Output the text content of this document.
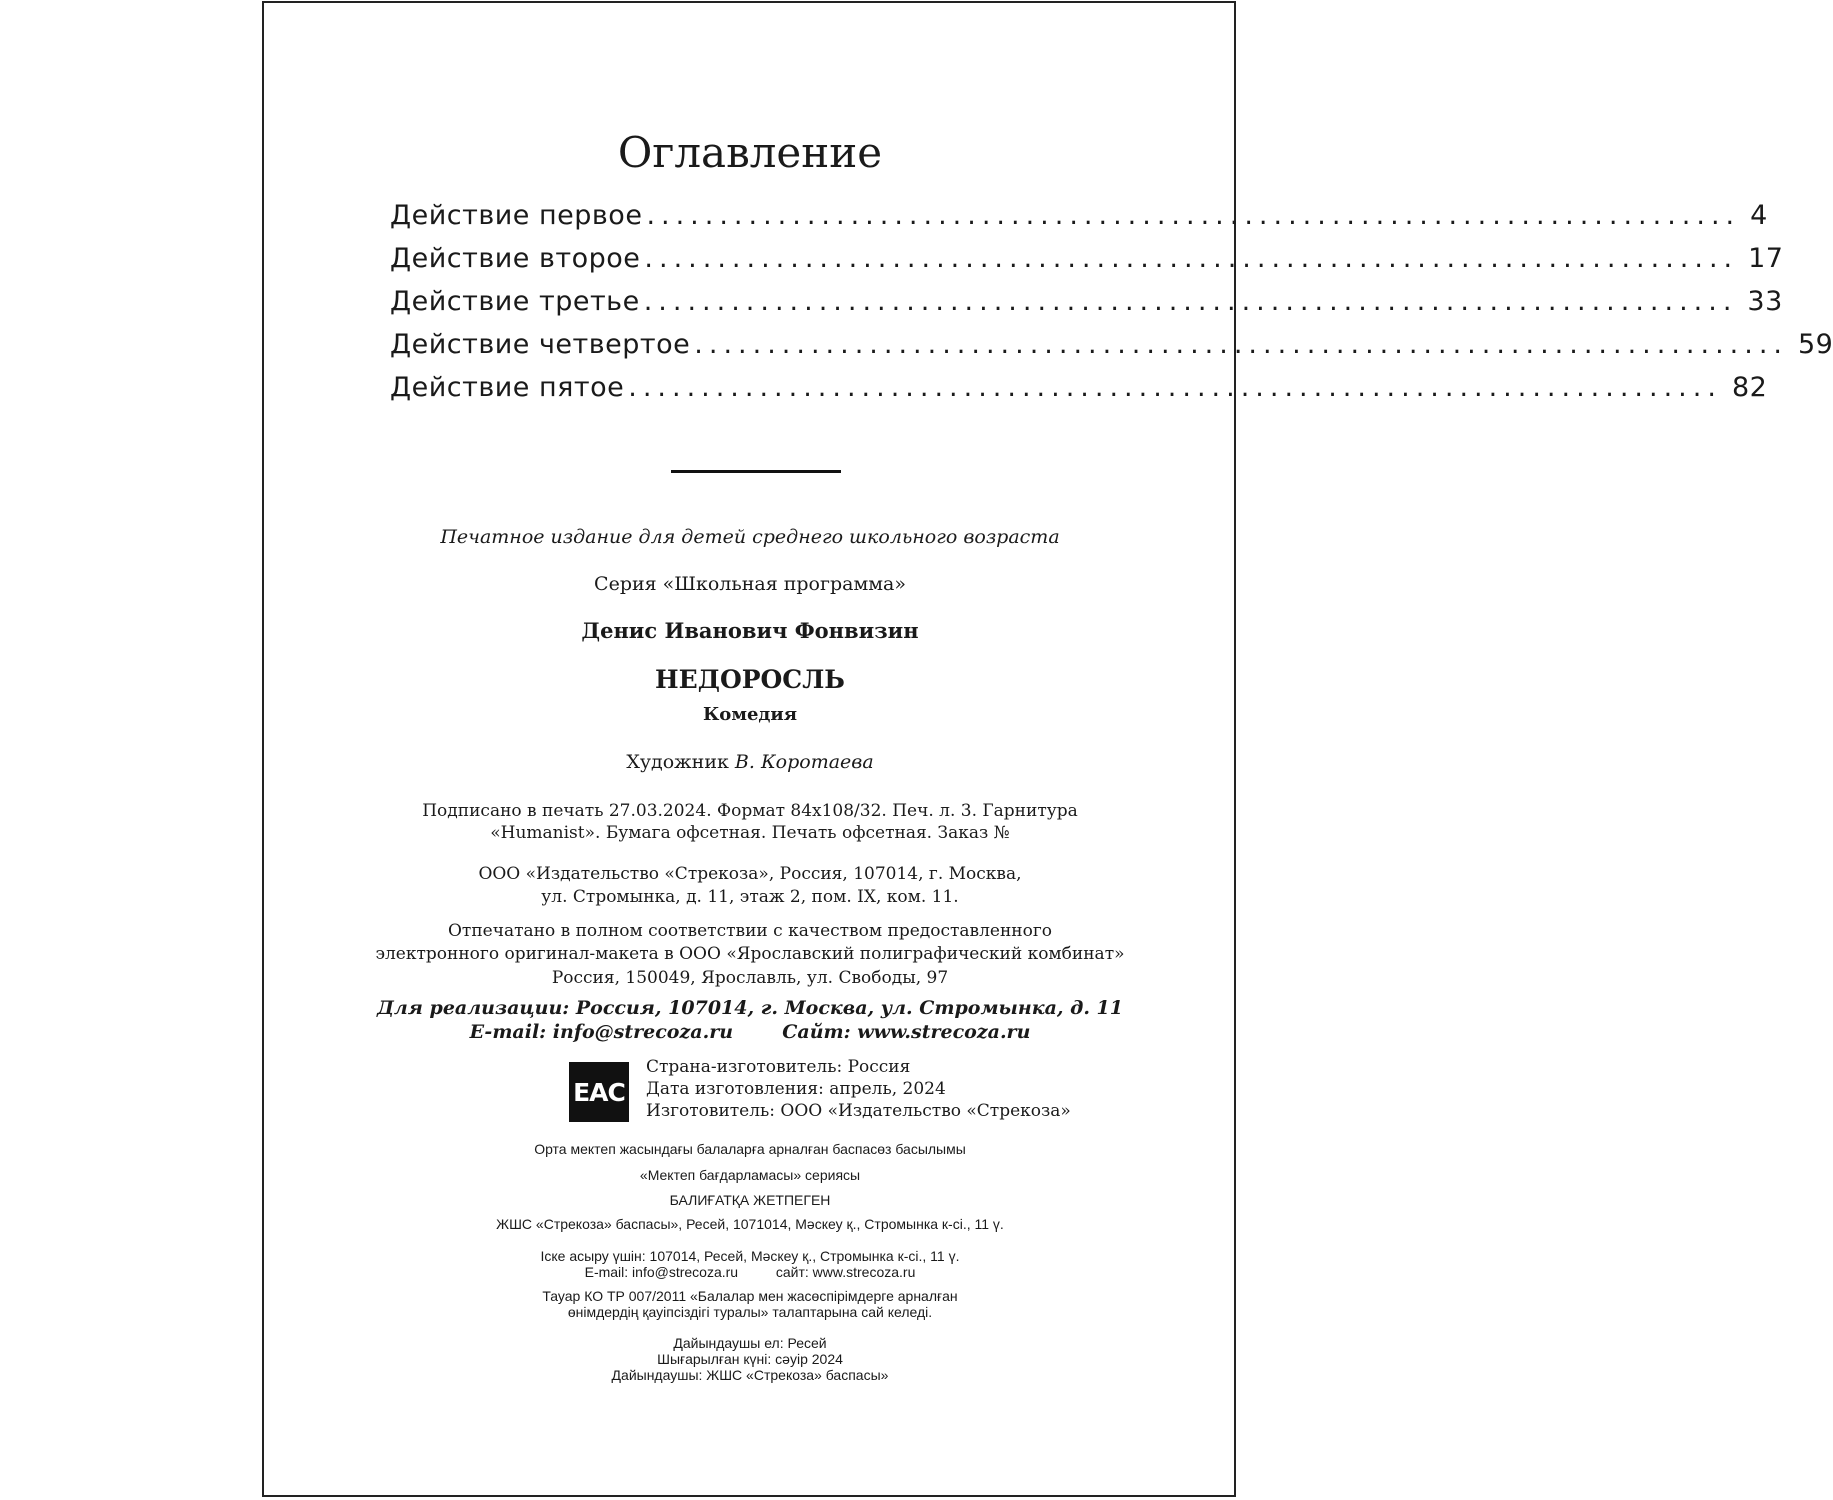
Оглавление
Действие первое ........................................................................... 4
Действие второе ........................................................................... 17
Действие третье ........................................................................... 33
Действие четвертое ........................................................................... 59
Действие пятое ........................................................................... 82
Печатное издание для детей среднего школьного возраста
Серия «Школьная программа»
Денис Иванович Фонвизин
НЕДОРОСЛЬ
Комедия
Художник В. Коротаева
Подписано в печать 27.03.2024. Формат 84х108/32. Печ. л. 3. Гарнитура
«Humanist». Бумага офсетная. Печать офсетная. Заказ №
ООО «Издательство «Стрекоза», Россия, 107014, г. Москва,
ул. Стромынка, д. 11, этаж 2, пом. IX, ком. 11.
Отпечатано в полном соответствии с качеством предоставленного
электронного оригинал-макета в ООО «Ярославский полиграфический комбинат»
Россия, 150049, Ярославль, ул. Свободы, 97
Для реализации: Россия, 107014, г. Москва, ул. Стромынка, д. 11
E-mail: info@strecoza.ru	Сайт: www.strecoza.ru
EAC
Страна-изготовитель: Россия
Дата изготовления: апрель, 2024
Изготовитель: ООО «Издательство «Стрекоза»
Орта мектеп жасындағы балаларға арналған баспасөз басылымы
«Мектеп бағдарламасы» сериясы
БАЛИҒАТҚА ЖЕТПЕГЕН
ЖШС «Стрекоза» баспасы», Ресей, 1071014, Мәскеу қ., Стромынка к-сі., 11 ү.
Іске асыру үшін: 107014, Ресей, Мәскеу қ., Стромынка к-сі., 11 ү.
E-mail: info@strecoza.ru	сайт: www.strecoza.ru
Тауар КО ТР 007/2011 «Балалар мен жасөспірімдерге арналған
өнімдердің қауіпсіздігі туралы» талаптарына сай келеді.
Дайындаушы ел: Ресей
Шығарылған күні: сәуір 2024
Дайындаушы: ЖШС «Стрекоза» баспасы»
